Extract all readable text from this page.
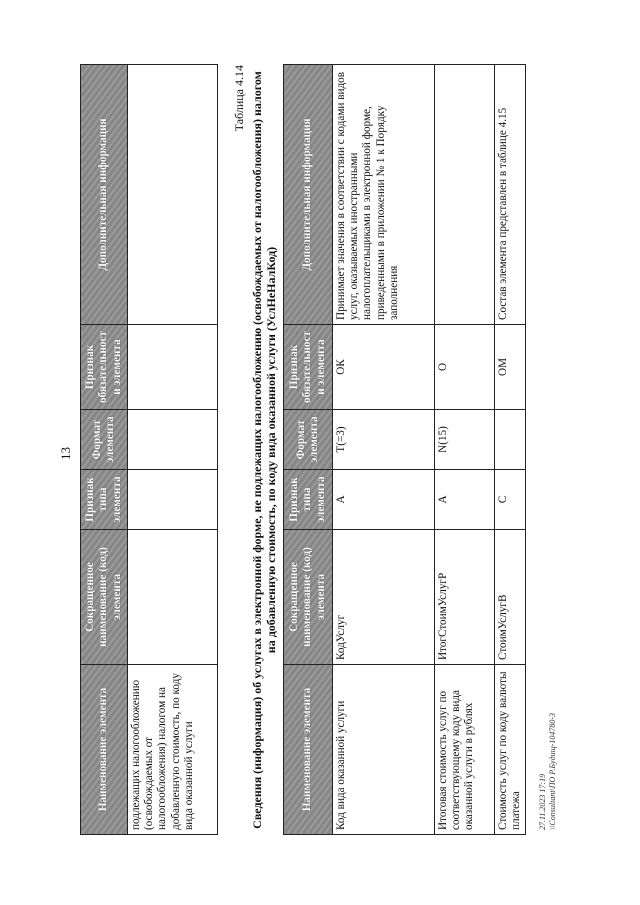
13
Наименование элемента	Сокращенное наименование (код) элемента	Признак типа элемента	Формат элемента	Признак обязательности элемента	Дополнительная информация
подлежащих налогообложению (освобождаемых от налогообложения) налогом на добавленную стоимость, по коду вида оказанной услуги					
Таблица 4.14 Сведения (информация) об услугах в электронной форме, не подлежащих налогообложению (освобождаемых от налогообложения) налогом на добавленную стоимость, по коду вида оказанной услуги (УслНеНалКод)
Наименование элемента	Сокращенное наименование (код) элемента	Признак типа элемента	Формат элемента	Признак обязательности элемента	Дополнительная информация
Код вида оказанной услуги	КодУслуг	А	T(=3)	ОК	Принимает значения в соответствии с кодами видов услуг, оказываемых иностранными налогоплательщиками в электронной форме, приведенными в приложении № 1 к Порядку заполнения
Итоговая стоимость услуг по соответствующему коду вида оказанной услуги в рублях	ИтогСтоимУслугР	А	N(15)	О	
Стоимость услуг по коду валюты платежа	СтоимУслугВ	С		ОМ	Состав элемента представлен в таблице 4.15
27.11.2023 17:19 \\Consultant\ПО Р.Будищ-104780-3
